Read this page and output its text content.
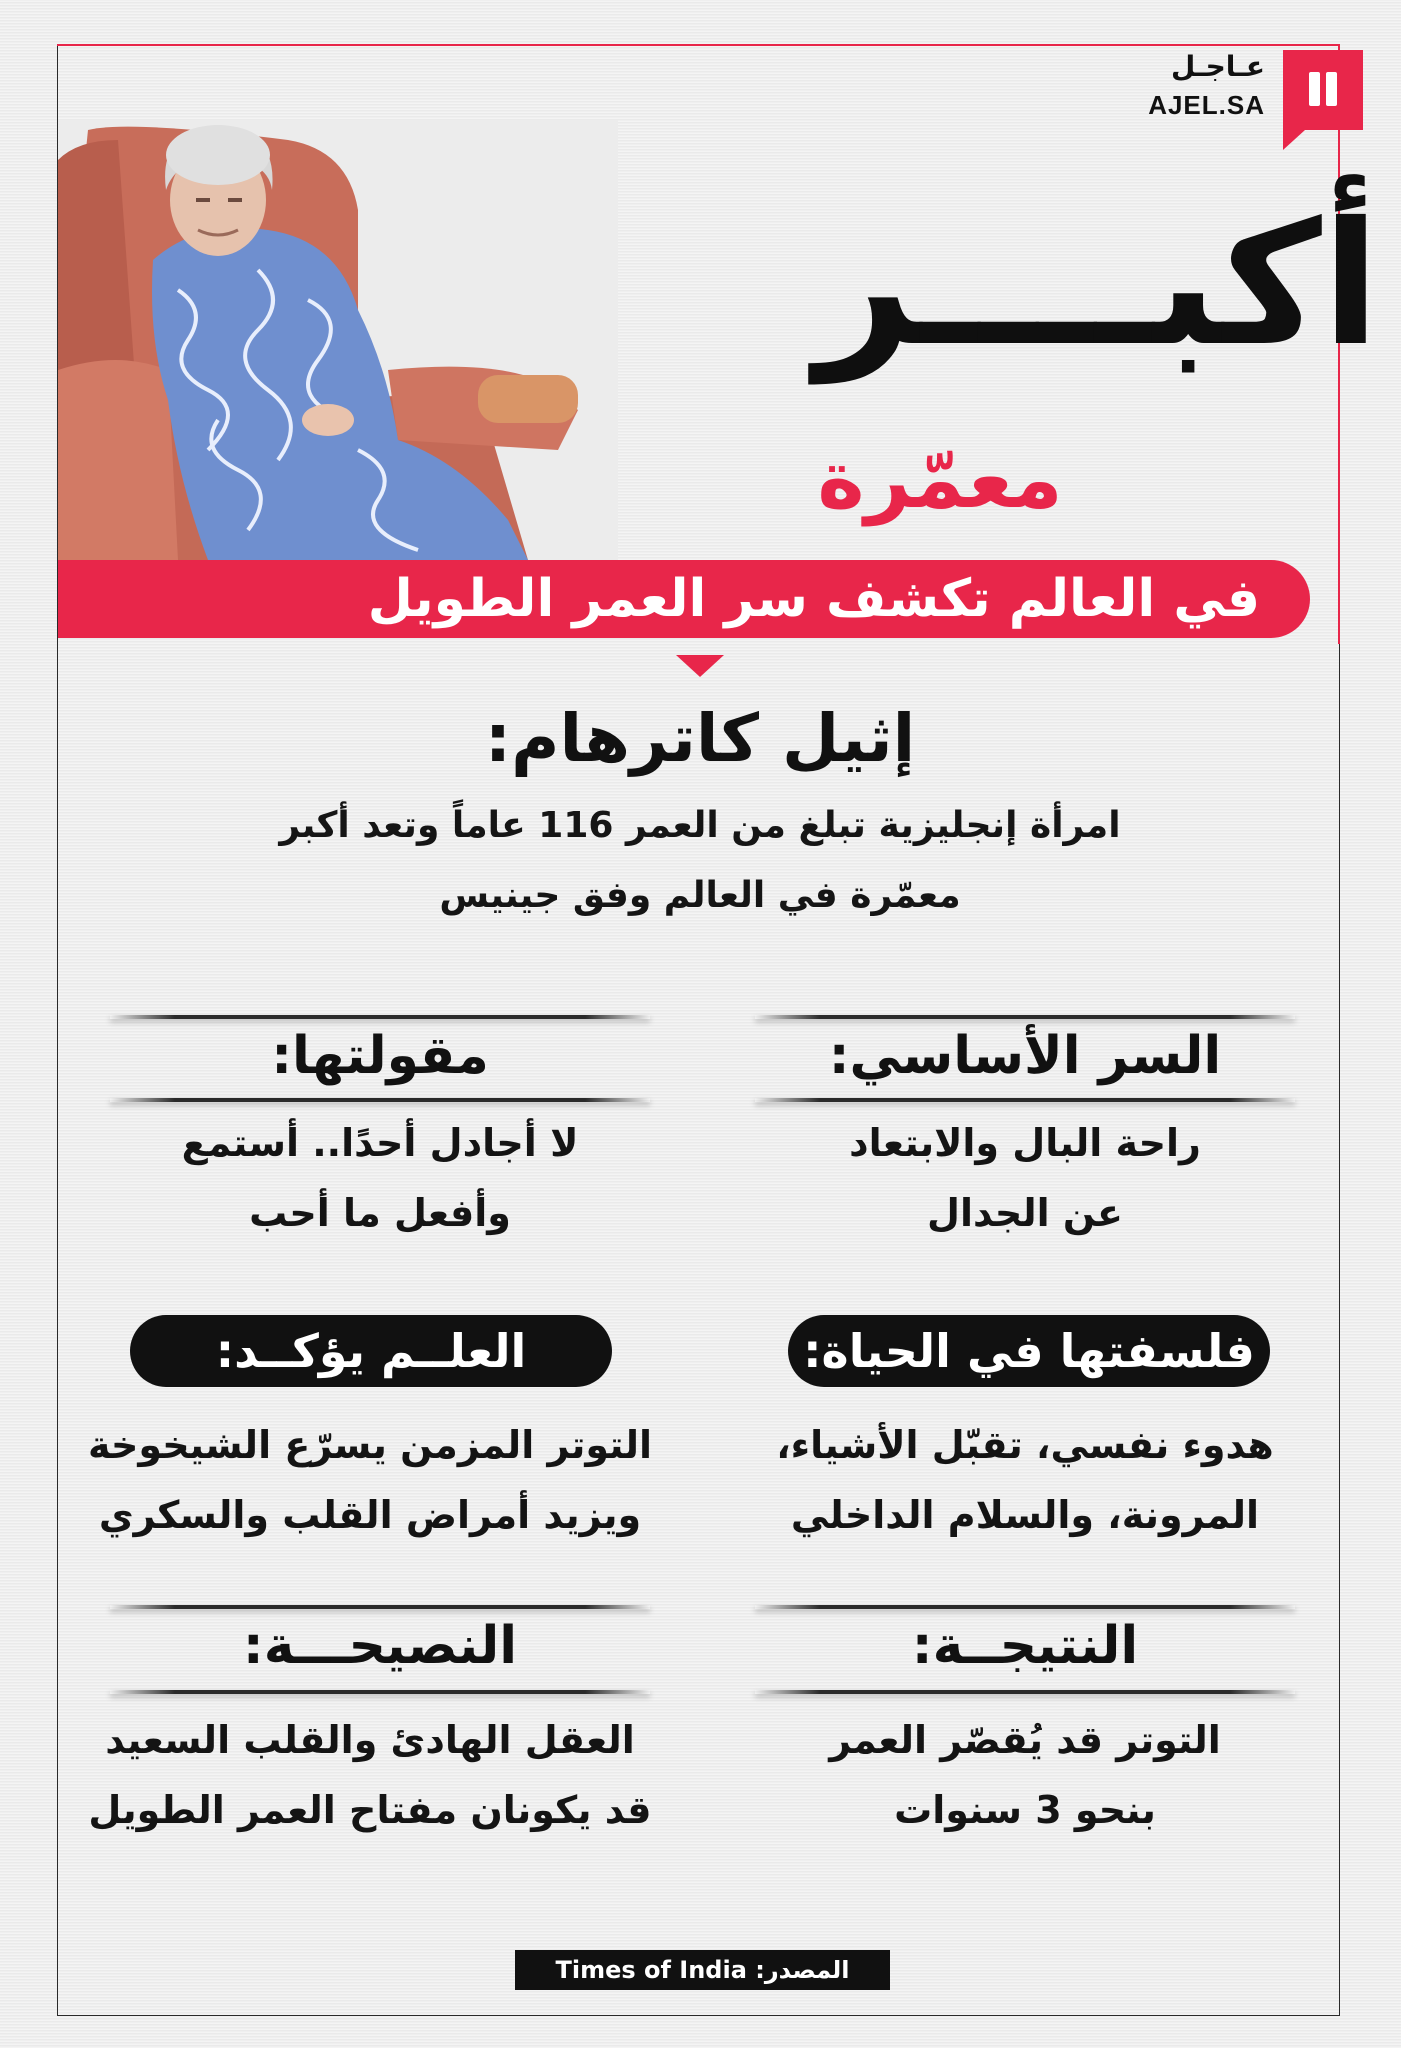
عـاجـل
AJEL.SA
أكبــــر
معمّرة
في العالم تكشف سر العمر الطويل
إثيل كاترهام:
امرأة إنجليزية تبلغ من العمر 116 عاماً وتعد أكبر
معمّرة في العالم وفق جينيس
السر الأساسي:
راحة البال والابتعاد
عن الجدال
مقولتها:
لا أجادل أحدًا.. أستمع
وأفعل ما أحب
فلسفتها في الحياة:
هدوء نفسي، تقبّل الأشياء،
المرونة، والسلام الداخلي
العلــم يؤكــد:
التوتر المزمن يسرّع الشيخوخة
ويزيد أمراض القلب والسكري
النتيجــة:
التوتر قد يُقصّر العمر
بنحو 3 سنوات
النصيحـــة:
العقل الهادئ والقلب السعيد
قد يكونان مفتاح العمر الطويل
المصدر: Times of India
